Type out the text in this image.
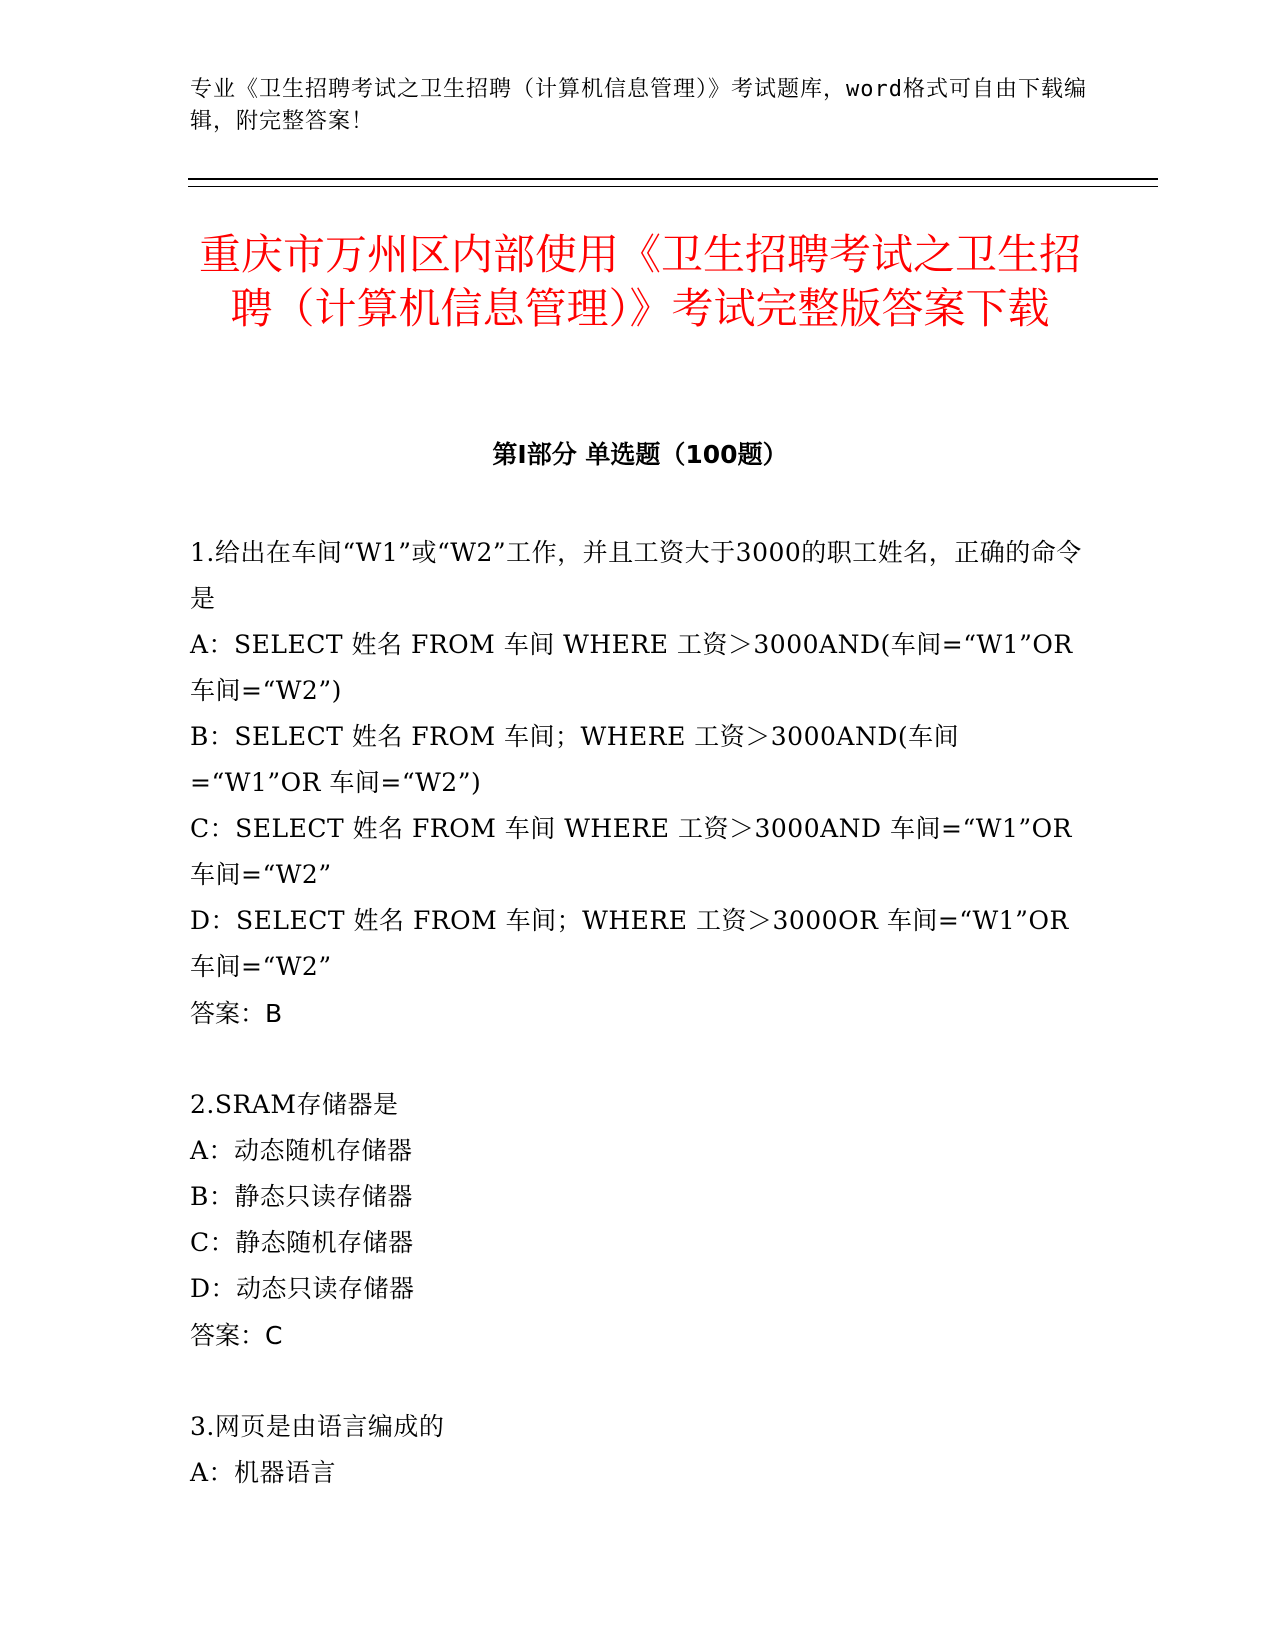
专业《卫生招聘考试之卫生招聘（计算机信息管理）》考试题库，word格式可自由下载编辑，附完整答案！
重庆市万州区内部使用《卫生招聘考试之卫生招聘（计算机信息管理）》考试完整版答案下载
第Ⅰ部分 单选题（100题）

1.给出在车间“W1”或“W2”工作，并且工资大于3000的职工姓名，正确的命令是

A：SELECT 姓名 FROM 车间 WHERE 工资＞3000AND(车间=“W1”OR 车间=“W2”)

B：SELECT 姓名 FROM 车间；WHERE 工资＞3000AND(车间=“W1”OR 车间=“W2”)

C：SELECT 姓名 FROM 车间 WHERE 工资＞3000AND 车间=“W1”OR 车间=“W2”

D：SELECT 姓名 FROM 车间；WHERE 工资＞3000OR 车间=“W1”OR 车间=“W2”

答案：B

2.SRAM存储器是

A：动态随机存储器

B：静态只读存储器

C：静态随机存储器

D：动态只读存储器

答案：C

3.网页是由语言编成的

A：机器语言
